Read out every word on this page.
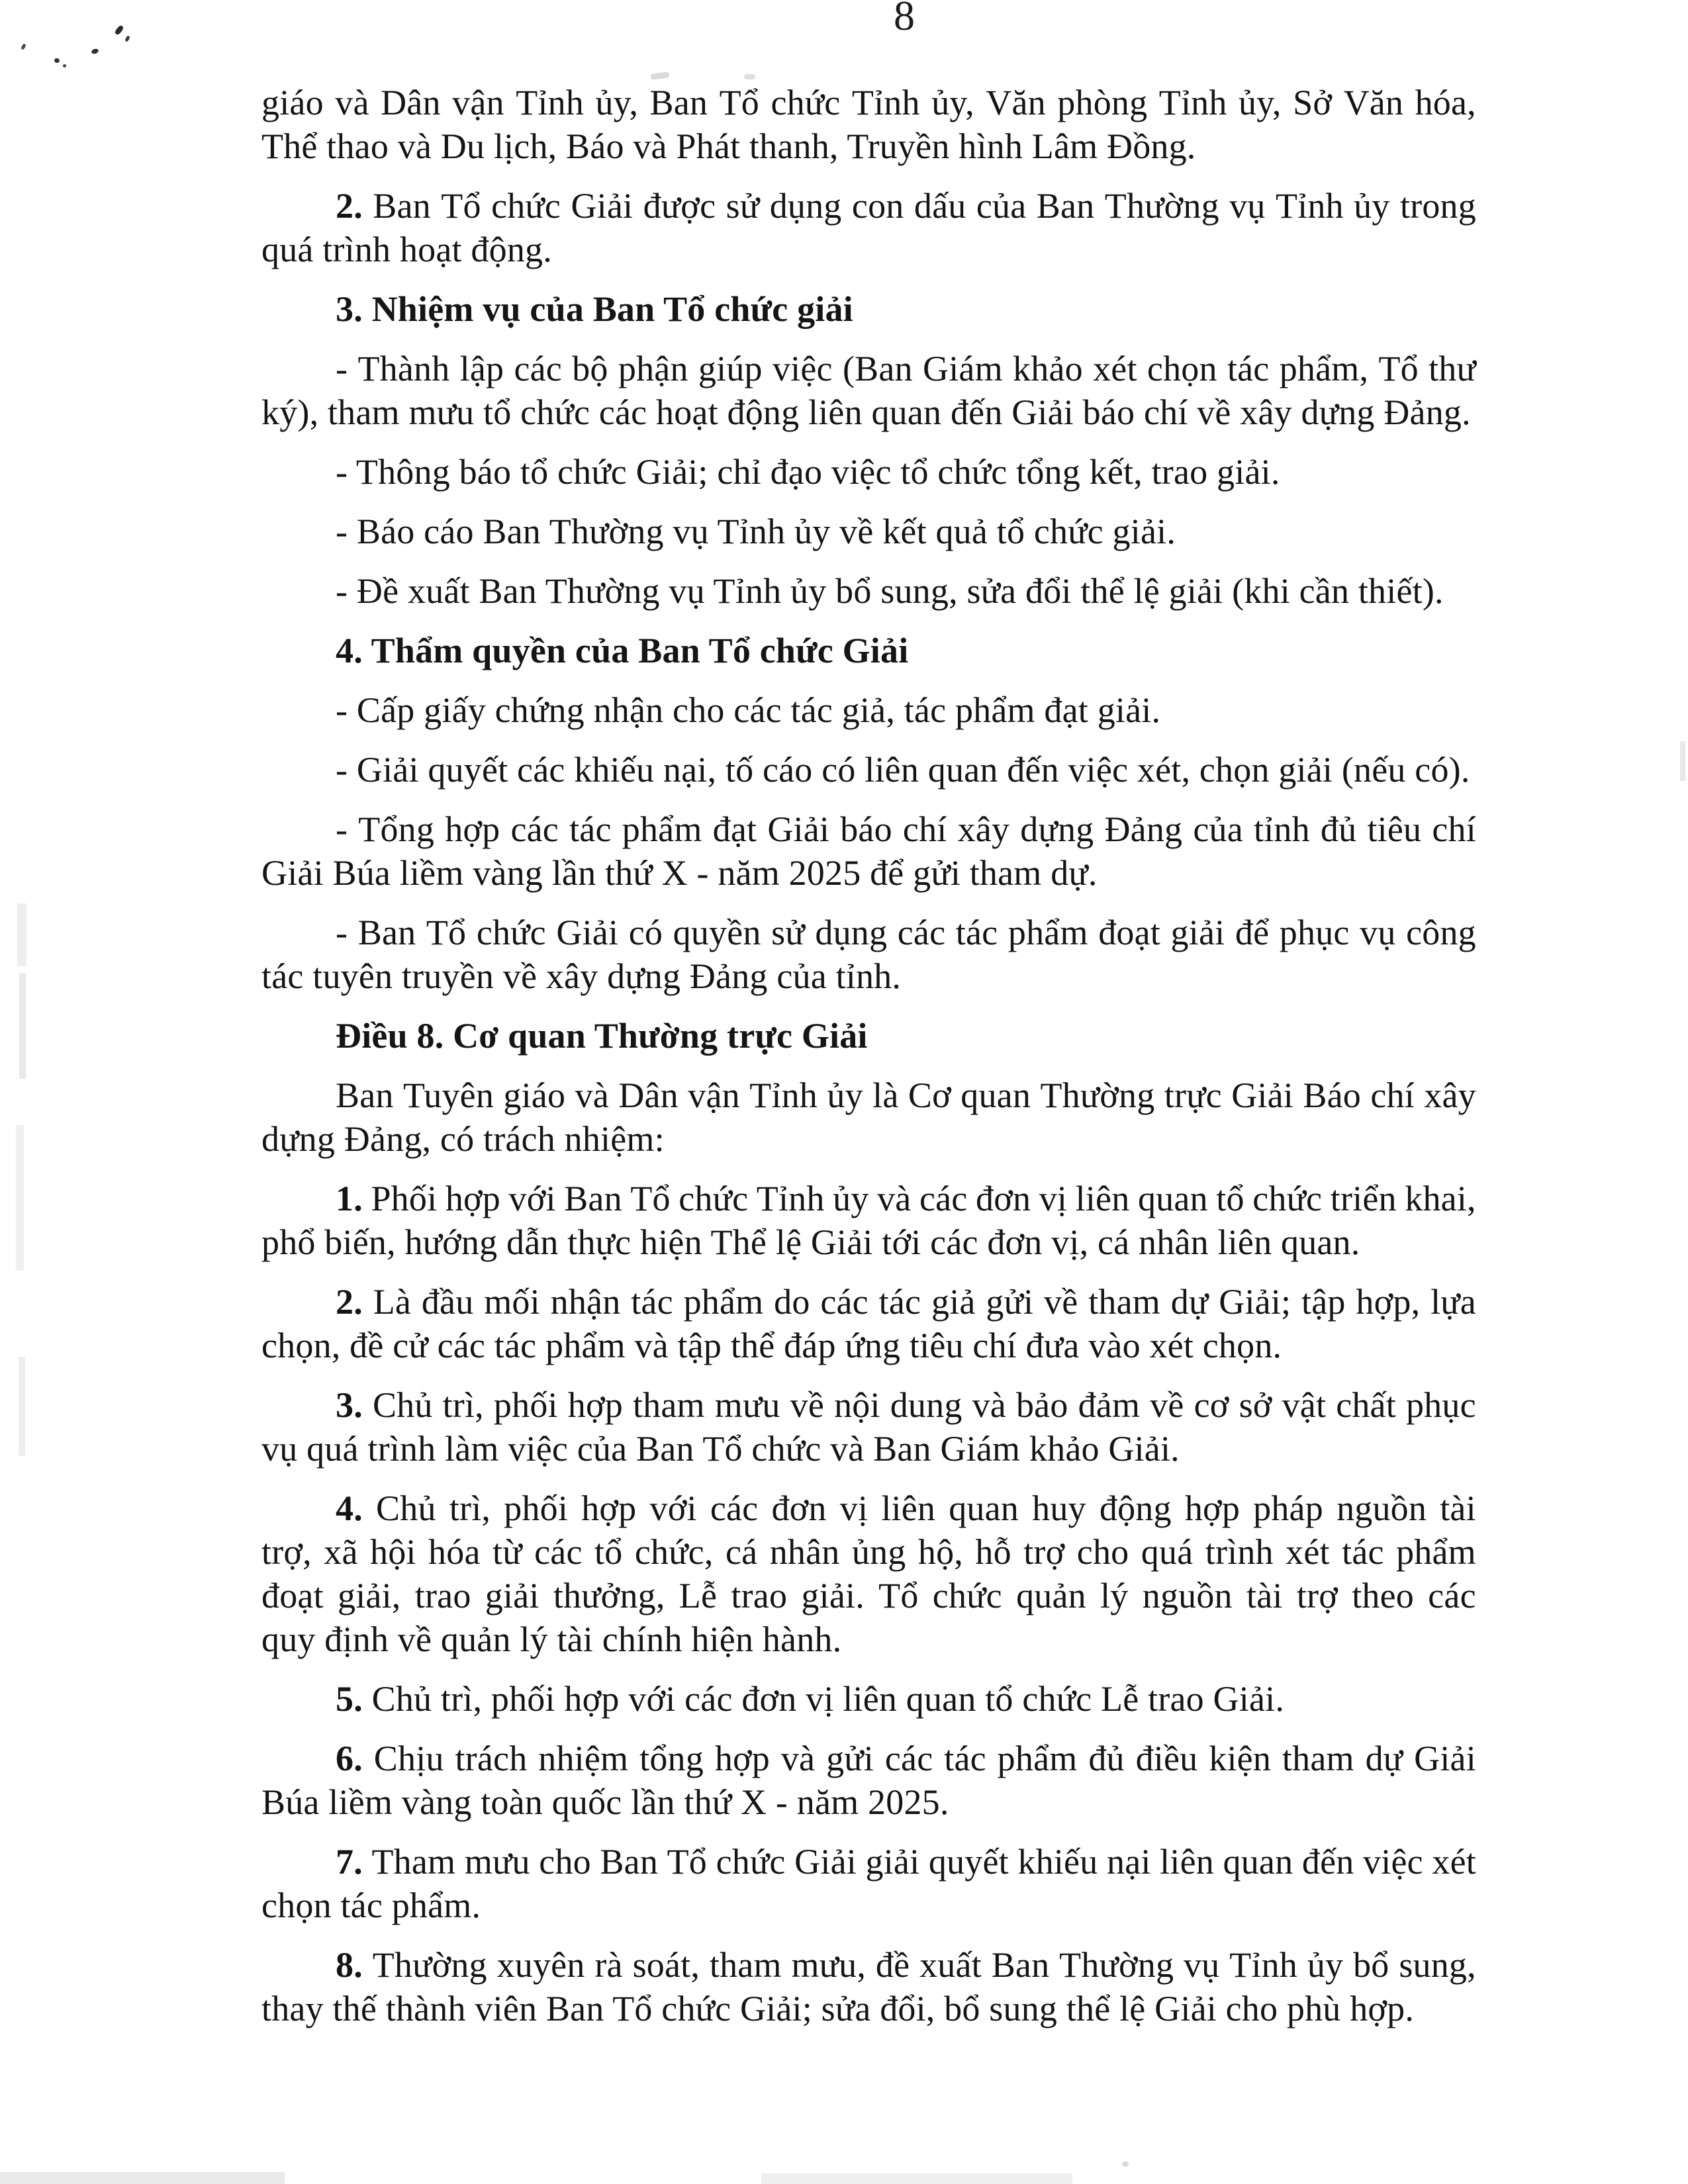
8
giáo và Dân vận Tỉnh ủy, Ban Tổ chức Tỉnh ủy, Văn phòng Tỉnh ủy, Sở Văn hóa,
Thể thao và Du lịch, Báo và Phát thanh, Truyền hình Lâm Đồng.
2. Ban Tổ chức Giải được sử dụng con dấu của Ban Thường vụ Tỉnh ủy trong
quá trình hoạt động.
3. Nhiệm vụ của Ban Tổ chức giải
- Thành lập các bộ phận giúp việc (Ban Giám khảo xét chọn tác phẩm, Tổ thư
ký), tham mưu tổ chức các hoạt động liên quan đến Giải báo chí về xây dựng Đảng.
- Thông báo tổ chức Giải; chỉ đạo việc tổ chức tổng kết, trao giải.
- Báo cáo Ban Thường vụ Tỉnh ủy về kết quả tổ chức giải.
- Đề xuất Ban Thường vụ Tỉnh ủy bổ sung, sửa đổi thể lệ giải (khi cần thiết).
4. Thẩm quyền của Ban Tổ chức Giải
- Cấp giấy chứng nhận cho các tác giả, tác phẩm đạt giải.
- Giải quyết các khiếu nại, tố cáo có liên quan đến việc xét, chọn giải (nếu có).
- Tổng hợp các tác phẩm đạt Giải báo chí xây dựng Đảng của tỉnh đủ tiêu chí
Giải Búa liềm vàng lần thứ X - năm 2025 để gửi tham dự.
- Ban Tổ chức Giải có quyền sử dụng các tác phẩm đoạt giải để phục vụ công
tác tuyên truyền về xây dựng Đảng của tỉnh.
Điều 8. Cơ quan Thường trực Giải
Ban Tuyên giáo và Dân vận Tỉnh ủy là Cơ quan Thường trực Giải Báo chí xây
dựng Đảng, có trách nhiệm:
1. Phối hợp với Ban Tổ chức Tỉnh ủy và các đơn vị liên quan tổ chức triển khai,
phổ biến, hướng dẫn thực hiện Thể lệ Giải tới các đơn vị, cá nhân liên quan.
2. Là đầu mối nhận tác phẩm do các tác giả gửi về tham dự Giải; tập hợp, lựa
chọn, đề cử các tác phẩm và tập thể đáp ứng tiêu chí đưa vào xét chọn.
3. Chủ trì, phối hợp tham mưu về nội dung và bảo đảm về cơ sở vật chất phục
vụ quá trình làm việc của Ban Tổ chức và Ban Giám khảo Giải.
4. Chủ trì, phối hợp với các đơn vị liên quan huy động hợp pháp nguồn tài
trợ, xã hội hóa từ các tổ chức, cá nhân ủng hộ, hỗ trợ cho quá trình xét tác phẩm
đoạt giải, trao giải thưởng, Lễ trao giải. Tổ chức quản lý nguồn tài trợ theo các
quy định về quản lý tài chính hiện hành.
5. Chủ trì, phối hợp với các đơn vị liên quan tổ chức Lễ trao Giải.
6. Chịu trách nhiệm tổng hợp và gửi các tác phẩm đủ điều kiện tham dự Giải
Búa liềm vàng toàn quốc lần thứ X - năm 2025.
7. Tham mưu cho Ban Tổ chức Giải giải quyết khiếu nại liên quan đến việc xét
chọn tác phẩm.
8. Thường xuyên rà soát, tham mưu, đề xuất Ban Thường vụ Tỉnh ủy bổ sung,
thay thế thành viên Ban Tổ chức Giải; sửa đổi, bổ sung thể lệ Giải cho phù hợp.
